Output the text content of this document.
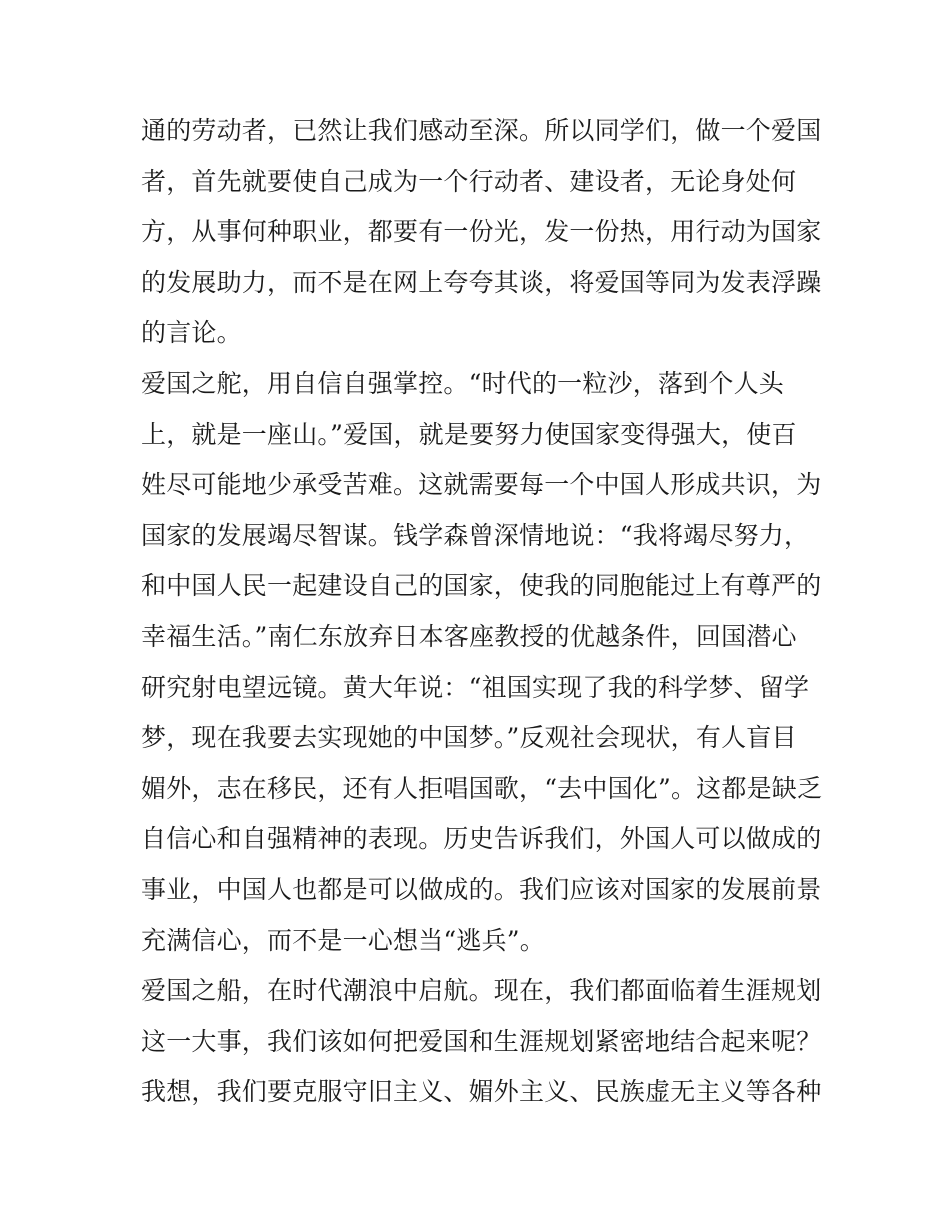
通的劳动者，已然让我们感动至深。所以同学们，做一个爱国
者，首先就要使自己成为一个行动者、建设者，无论身处何
方，从事何种职业，都要有一份光，发一份热，用行动为国家
的发展助力，而不是在网上夸夸其谈，将爱国等同为发表浮躁
的言论。
爱国之舵，用自信自强掌控。“时代的一粒沙，落到个人头
上，就是一座山。”爱国，就是要努力使国家变得强大，使百
姓尽可能地少承受苦难。这就需要每一个中国人形成共识，为
国家的发展竭尽智谋。钱学森曾深情地说：“我将竭尽努力，
和中国人民一起建设自己的国家，使我的同胞能过上有尊严的
幸福生活。”南仁东放弃日本客座教授的优越条件，回国潜心
研究射电望远镜。黄大年说：“祖国实现了我的科学梦、留学
梦，现在我要去实现她的中国梦。”反观社会现状，有人盲目
媚外，志在移民，还有人拒唱国歌，“去中国化”。这都是缺乏
自信心和自强精神的表现。历史告诉我们，外国人可以做成的
事业，中国人也都是可以做成的。我们应该对国家的发展前景
充满信心，而不是一心想当“逃兵”。
爱国之船，在时代潮浪中启航。现在，我们都面临着生涯规划
这一大事，我们该如何把爱国和生涯规划紧密地结合起来呢？
我想，我们要克服守旧主义、媚外主义、民族虚无主义等各种
